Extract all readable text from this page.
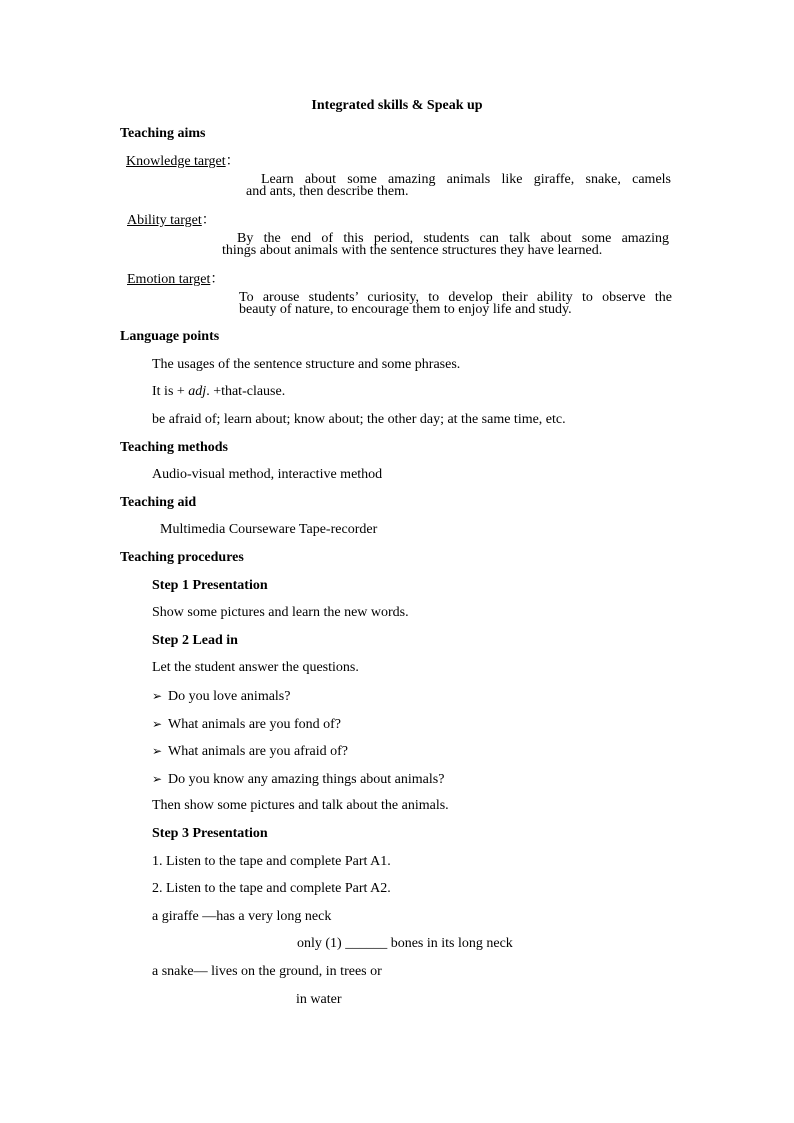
Integrated skills & Speak up
Teaching aims
Knowledge target：
Learn about some amazing animals like giraffe, snake, camels
and ants, then describe them.
Ability target：
By the end of this period, students can talk about some amazing
things about animals with the sentence structures they have learned.
Emotion target：
To arouse students’ curiosity, to develop their ability to observe the
beauty of nature, to encourage them to enjoy life and study.
Language points
The usages of the sentence structure and some phrases.
It is + adj. +that-clause.
be afraid of; learn about; know about; the other day; at the same time, etc.
Teaching methods
Audio-visual method, interactive method
Teaching aid
Multimedia Courseware Tape-recorder
Teaching procedures
Step 1 Presentation
Show some pictures and learn the new words.
Step 2 Lead in
Let the student answer the questions.
➢ Do you love animals?
➢ What animals are you fond of?
➢ What animals are you afraid of?
➢ Do you know any amazing things about animals?
Then show some pictures and talk about the animals.
Step 3 Presentation
1. Listen to the tape and complete Part A1.
2. Listen to the tape and complete Part A2.
a giraffe —has a very long neck
only (1) ______ bones in its long neck
a snake— lives on the ground, in trees or
in water
